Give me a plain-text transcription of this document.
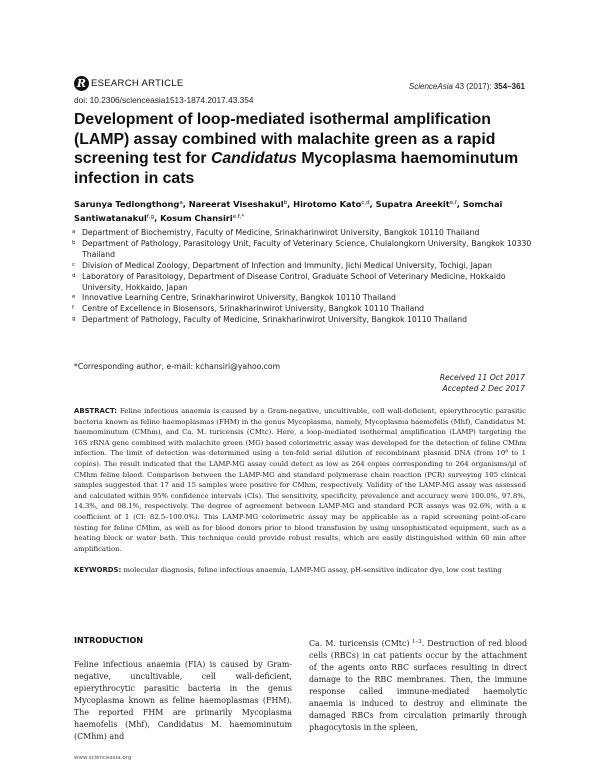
R ESEARCH ARTICLE	ScienceAsia 43 (2017): 354–361
doi: 10.2306/scienceasia1513-1874.2017.43.354
Development of loop-mediated isothermal amplification (LAMP) assay combined with malachite green as a rapid screening test for Candidatus Mycoplasma haemominutum infection in cats
Sarunya Tedlongthong$^a$, Nareerat Viseshakul$^b$, Hirotomo Kato$^{c,d}$, Supatra Areekit$^{e,f}$, Somchai Santiwatanakul$^{f,g}$, Kosum Chansiri$^{e,f,*}$
a Department of Biochemistry, Faculty of Medicine, Srinakharinwirot University, Bangkok 10110 Thailand
b Department of Pathology, Parasitology Unit, Faculty of Veterinary Science, Chulalongkorn University, Bangkok 10330 Thailand
c Division of Medical Zoology, Department of Infection and Immunity, Jichi Medical University, Tochigi, Japan
d Laboratory of Parasitology, Department of Disease Control, Graduate School of Veterinary Medicine, Hokkaido University, Hokkaido, Japan
e Innovative Learning Centre, Srinakharinwirot University, Bangkok 10110 Thailand
f	Centre of Excellence in Biosensors, Srinakharinwirot University, Bangkok 10110 Thailand
g Department of Pathology, Faculty of Medicine, Srinakharinwirot University, Bangkok 10110 Thailand
*Corresponding author, e-mail: kchansiri@yahoo.com
Received 11 Oct 2017
Accepted 2 Dec 2017
ABSTRACT: Feline infectious anaemia is caused by a Gram-negative, uncultivable, cell wall-deficient, epierythrocytic parasitic bacteria known as feline haemoplasmas (FHM) in the genus Mycoplasma, namely, Mycoplasma haemofelis (Mhf), Candidatus M. haemominutum (CMhm), and Ca. M. turicensis (CMtc). Here, a loop-mediated isothermal amplification (LAMP) targeting the 16S rRNA gene combined with malachite green (MG) based colorimetric assay was developed for the detection of feline CMhm infection. The limit of detection was determined using a ten-fold serial dilution of recombinant plasmid DNA (from 10⁸ to 1 copies). The result indicated that the LAMP-MG assay could detect as low as 264 copies corresponding to 264 organisms/µl of CMhm feline blood. Comparison between the LAMP-MG and standard polymerase chain reaction (PCR) surveying 105 clinical samples suggested that 17 and 15 samples were positive for CMhm, respectively. Validity of the LAMP-MG assay was assessed and calculated within 95% confidence intervals (CIs). The sensitivity, specificity, prevalence and accuracy were 100.0%, 97.8%, 14.3%, and 98.1%, respectively. The degree of agreement between LAMP-MG and standard PCR assays was 92.6%, with a κ coefficient of 1 (CI: 82.5–100.0%). This LAMP-MG colorimetric assay may be applicable as a rapid screening point-of-care testing for feline CMhm, as well as for blood donors prior to blood transfusion by using unsophisticated equipment, such as a heating block or water bath. This technique could provide robust results, which are easily distinguished within 60 min after amplification.
KEYWORDS: molecular diagnosis, feline infectious anaemia, LAMP-MG assay, pH-sensitive indicator dye, low cost testing
INTRODUCTION
Feline infectious anaemia (FIA) is caused by Gram-negative, uncultivable, cell wall-deficient, epierythrocytic parasitic bacteria in the genus Mycoplasma known as feline haemoplasmas (FHM). The reported FHM are primarily Mycoplasma haemofelis (Mhf), Candidatus M. haemominutum (CMhm) and
Ca. M. turicensis (CMtc) $^{1-3}$. Destruction of red blood cells (RBCs) in cat patients occur by the attachment of the agents onto RBC surfaces resulting in direct damage to the RBC membranes. Then, the immune response called immune-mediated haemolytic anaemia is induced to destroy and eliminate the damaged RBCs from circulation primarily through phagocytosis in the spleen,
www.scienceasia.org
